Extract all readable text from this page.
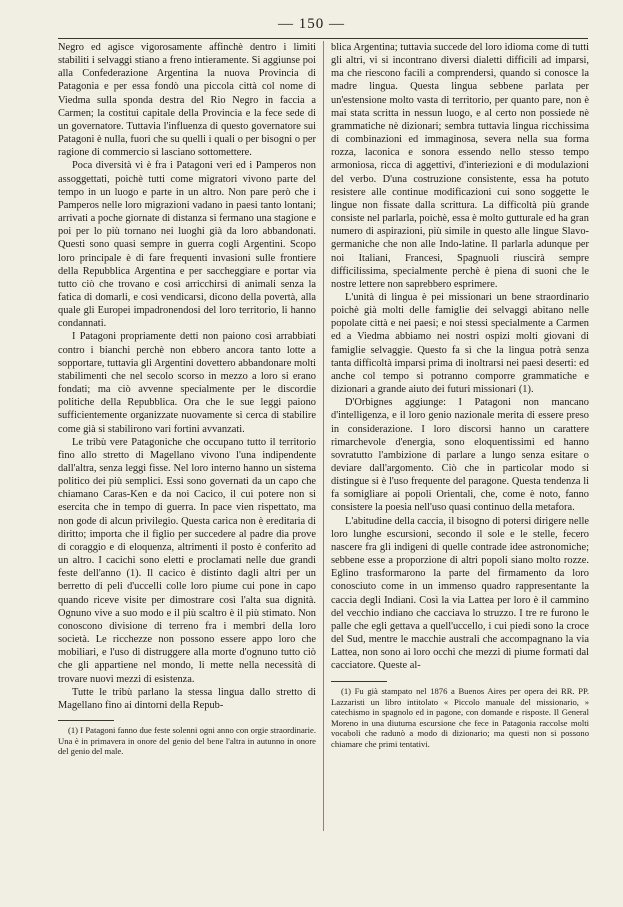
— 150 —

Negro ed agisce vigorosamente affinchè dentro i limiti stabiliti i selvaggi stiano a freno intieramente. Si aggiunse poi alla Confederazione Argentina la nuova Provincia di Patagonia e per essa fondò una piccola città col nome di Viedma sulla sponda destra del Rio Negro in faccia a Carmen; la costituì capitale della Provincia e la fece sede di un governatore. Tuttavia l'influenza di questo governatore sui Patagoni è nulla, fuori che su quelli i quali o per bisogni o per ragione di commercio si lasciano sottomettere.

Poca diversità vi è fra i Patagoni veri ed i Pamperos non assoggettati, poichè tutti come migratori vivono parte del tempo in un luogo e parte in un altro. Non pare però che i Pamperos nelle loro migrazioni vadano in paesi tanto lontani; arrivati a poche giornate di distanza si fermano una stagione e poi per lo più tornano nei luoghi già da loro abbandonati. Questi sono quasi sempre in guerra cogli Argentini. Scopo loro principale è di fare frequenti invasioni sulle frontiere della Repubblica Argentina e per saccheggiare e portar via tutto ciò che trovano e così arricchirsi di animali senza la fatica di domarli, e così vendicarsi, dicono della povertà, alla quale gli Europei impadronendosi del loro territorio, li hanno condannati.

I Patagoni propriamente detti non paiono così arrabbiati contro i bianchi perchè non ebbero ancora tanto lotte a sopportare, tuttavia gli Argentini dovettero abbandonare molti stabilimenti che nel secolo scorso in mezzo a loro si erano fondati; ma ciò avvenne specialmente per le discordie politiche della Repubblica. Ora che le sue leggi paiono sufficientemente organizzate nuovamente si cerca di stabilire come già si stabilirono vari fortini avvanzati.

Le tribù vere Patagoniche che occupano tutto il territorio fino allo stretto di Magellano vivono l'una indipendente dall'altra, senza leggi fisse. Nel loro interno hanno un sistema politico dei più semplici. Essi sono governati da un capo che chiamano Caras-Ken e da noi Cacico, il cui potere non si esercita che in tempo di guerra. In pace vien rispettato, ma non gode di alcun privilegio. Questa carica non è ereditaria di diritto; importa che il figlio per succedere al padre dia prove di coraggio e di eloquenza, altrimenti il posto è conferito ad un altro. I cacichi sono eletti e proclamati nelle due grandi feste dell'anno (1). Il cacico è distinto dagli altri per un berretto di peli d'uccelli colle loro piume cui pone in capo quando riceve visite per dimostrare così l'alta sua dignità. Ognuno vive a suo modo e il più scaltro è il più stimato. Non conoscono divisione di terreno fra i membri della loro società. Le ricchezze non possono essere appo loro che mobiliari, e l'uso di distruggere alla morte d'ognuno tutto ciò che gli appartiene nel mondo, li mette nella necessità di trovare nuovi mezzi di esistenza.

Tutte le tribù parlano la stessa lingua dallo stretto di Magellano fino ai dintorni della Repub-

blica Argentina; tuttavia succede del loro idioma come di tutti gli altri, vi si incontrano diversi dialetti difficili ad imparsi, ma che riescono facili a comprendersi, quando si conosce la madre lingua. Questa lingua sebbene parlata per un'estensione molto vasta di territorio, per quanto pare, non è mai stata scritta in nessun luogo, e al certo non possiede nè grammatiche nè dizionari; sembra tuttavia lingua ricchissima di combinazioni ed immaginosa, severa nella sua forma rozza, laconica e sonora essendo nello stesso tempo armoniosa, ricca di aggettivi, d'interiezioni e di modulazioni del verbo. D'una costruzione consistente, essa ha potuto resistere alle continue modificazioni cui sono soggette le lingue non fissate dalla scrittura. La difficoltà più grande consiste nel parlarla, poichè, essa è molto gutturale ed ha gran numero di aspirazioni, più simile in questo alle lingue Slavo-germaniche che non alle Indo-latine. Il parlarla adunque per noi Italiani, Francesi, Spagnuoli riuscirà sempre difficilissima, specialmente perchè è piena di suoni che le nostre lettere non saprebbero esprimere.

L'unità di lingua è pei missionari un bene straordinario poichè già molti delle famiglie dei selvaggi abitano nelle popolate città e nei paesi; e noi stessi specialmente a Carmen ed a Viedma abbiamo nei nostri ospizi molti giovani di famiglie selvaggie. Questo fa sì che la lingua potrà senza tanta difficoltà imparsi prima di inoltrarsi nei paesi deserti: ed anche col tempo si potranno comporre grammatiche e dizionari a grande aiuto dei futuri missionari (1).

D'Orbignes aggiunge: I Patagoni non mancano d'intelligenza, e il loro genio nazionale merita di essere preso in considerazione. I loro discorsi hanno un carattere rimarchevole d'energia, sono eloquentissimi ed hanno sovratutto l'ambizione di parlare a lungo senza esitare o deviare dall'argomento. Ciò che in particolar modo si distingue si è l'uso frequente del paragone. Questa tendenza li fa somigliare ai popoli Orientali, che, come è noto, fanno consistere la poesia nell'uso quasi continuo della metafora.

L'abitudine della caccia, il bisogno di potersi dirigere nelle loro lunghe escursioni, secondo il sole e le stelle, fecero nascere fra gli indigeni di quelle contrade idee astronomiche; sebbene esse a proporzione di altri popoli siano molto rozze. Eglino trasformarono la parte del firmamento da loro conosciuto come in un immenso quadro rappresentante la caccia degli Indiani. Così la via Lattea per loro è il cammino del vecchio indiano che cacciava lo struzzo. I tre re furono le palle che egli gettava a quell'uccello, i cui piedi sono la croce del Sud, mentre le macchie australi che accompagnano la via Lattea, non sono ai loro occhi che mezzi di piume formati dal cacciatore. Queste al-

(1) I Patagoni fanno due feste solenni ogni anno con orgie straordinarie. Una è in primavera in onore del genio del bene l'altra in autunno in onore del genio del male.

(1) Fu già stampato nel 1876 a Buenos Aires per opera dei RR. PP. Lazzaristi un libro intitolato « Piccolo manuale del missionario, » catechismo in spagnolo ed in pagone, con domande e risposte. Il General Moreno in una diuturna escursione che fece in Patagonia raccolse molti vocaboli che radunò a modo di dizionario; ma questi non si possono chiamare che primi tentativi.
